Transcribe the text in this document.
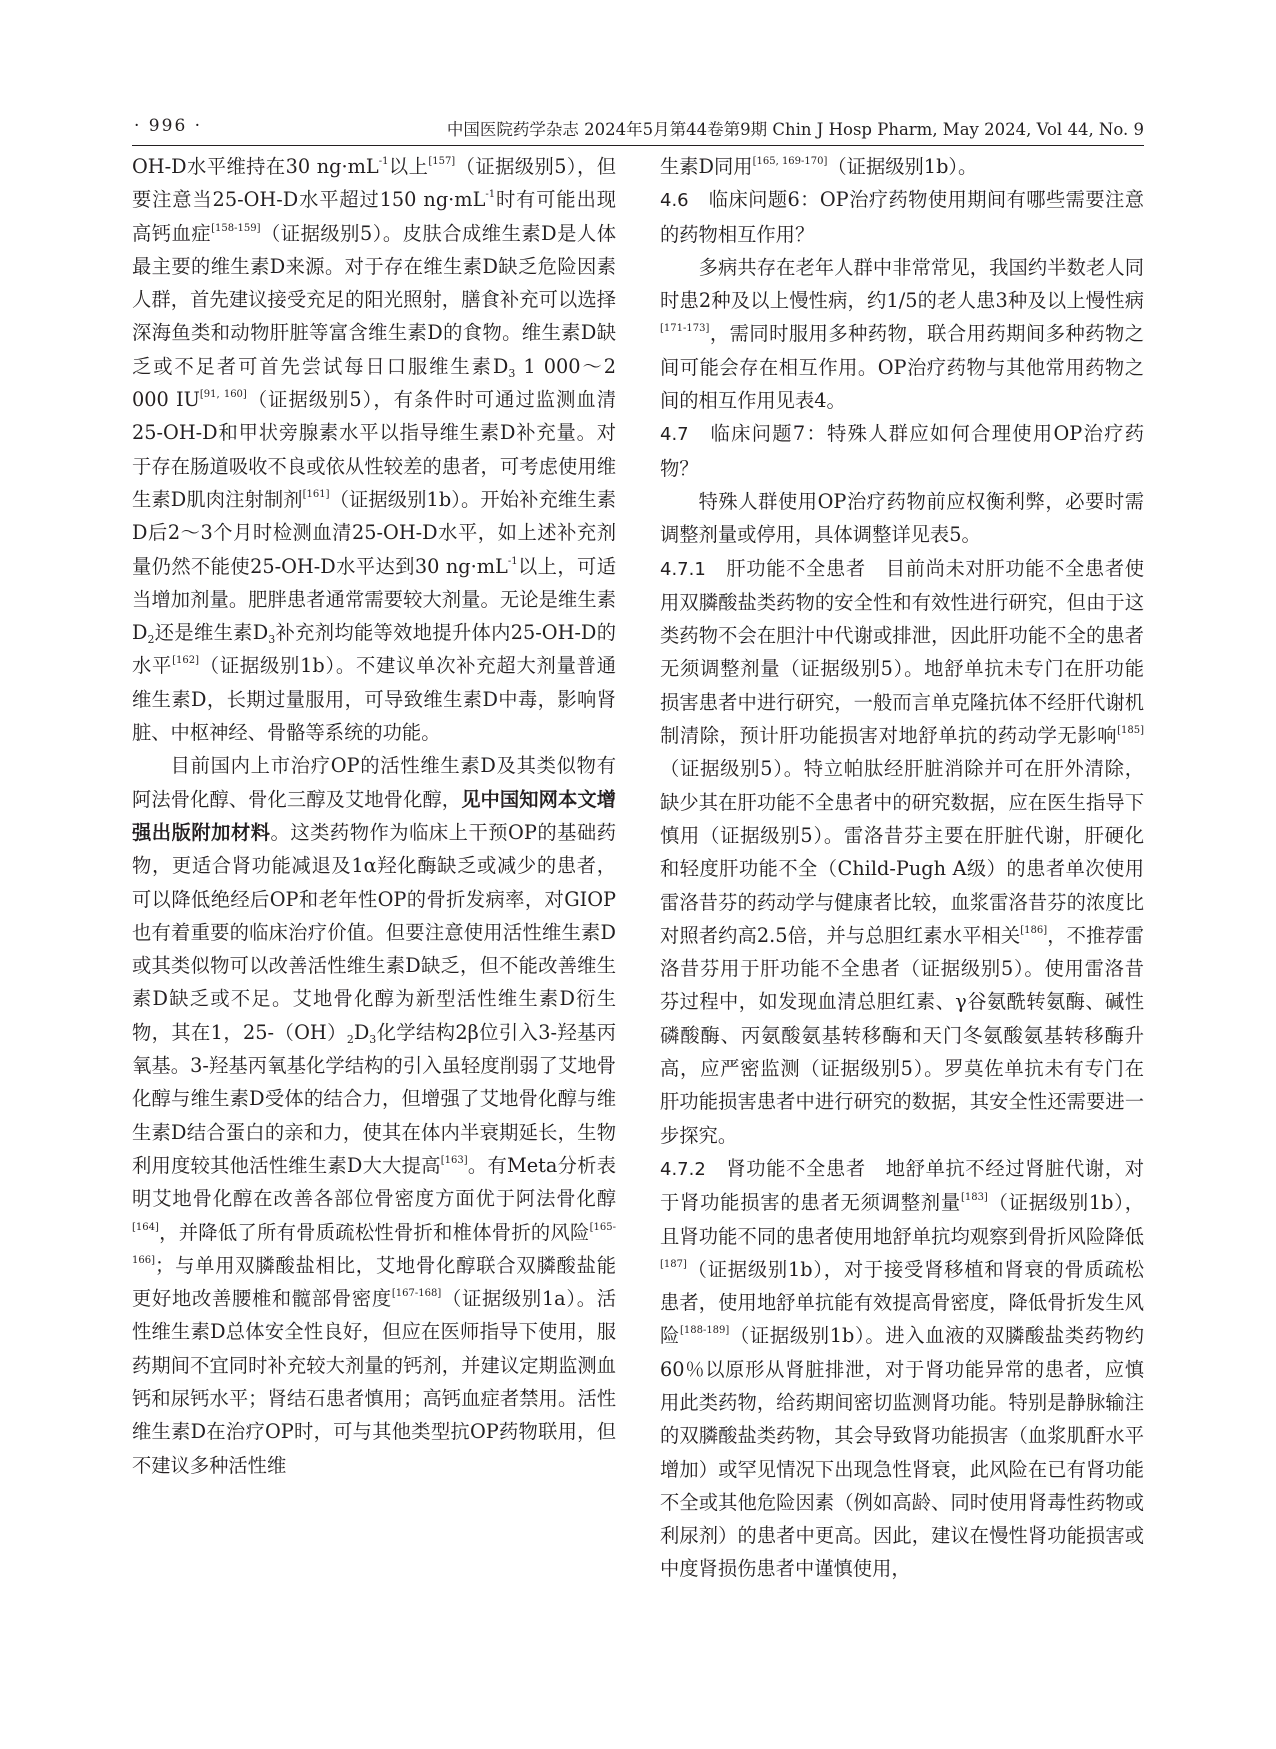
· 996 ·	中国医院药学杂志 2024年5月第44卷第9期 Chin J Hosp Pharm, May 2024, Vol 44, No. 9

OH-D水平维持在30 $ng\cdot mL^{-1}$以上[157]（证据级别5），但要注意当25-OH-D水平超过150 $ng\cdot mL^{-1}$时有可能出现高钙血症[158-159]（证据级别5）。皮肤合成维生素D是人体最主要的维生素D来源。对于存在维生素D缺乏危险因素人群，首先建议接受充足的阳光照射，膳食补充可以选择深海鱼类和动物肝脏等富含维生素D的食物。维生素D缺乏或不足者可首先尝试每日口服维生素$D_3$ 1 000～2 000 IU[91, 160]（证据级别5），有条件时可通过监测血清25-OH-D和甲状旁腺素水平以指导维生素D补充量。对于存在肠道吸收不良或依从性较差的患者，可考虑使用维生素D肌肉注射制剂[161]（证据级别1b）。开始补充维生素D后2～3个月时检测血清25-OH-D水平，如上述补充剂量仍然不能使25-OH-D水平达到30 $ng\cdot mL^{-1}$以上，可适当增加剂量。肥胖患者通常需要较大剂量。无论是维生素$D_2$还是维生素$D_3$补充剂均能等效地提升体内25-OH-D的水平[162]（证据级别1b）。不建议单次补充超大剂量普通维生素D，长期过量服用，可导致维生素D中毒，影响肾脏、中枢神经、骨骼等系统的功能。

目前国内上市治疗OP的活性维生素D及其类似物有阿法骨化醇、骨化三醇及艾地骨化醇，见中国知网本文增强出版附加材料。这类药物作为临床上干预OP的基础药物，更适合肾功能减退及1α羟化酶缺乏或减少的患者，可以降低绝经后OP和老年性OP的骨折发病率，对GIOP也有着重要的临床治疗价值。但要注意使用活性维生素D或其类似物可以改善活性维生素D缺乏，但不能改善维生素D缺乏或不足。艾地骨化醇为新型活性维生素D衍生物，其在1，$25-(OH)_2D_3$化学结构2β位引入3-羟基丙氧基。3-羟基丙氧基化学结构的引入虽轻度削弱了艾地骨化醇与维生素D受体的结合力，但增强了艾地骨化醇与维生素D结合蛋白的亲和力，使其在体内半衰期延长，生物利用度较其他活性维生素D大大提高[163]。有Meta分析表明艾地骨化醇在改善各部位骨密度方面优于阿法骨化醇[164]，并降低了所有骨质疏松性骨折和椎体骨折的风险[165-166]；与单用双膦酸盐相比，艾地骨化醇联合双膦酸盐能更好地改善腰椎和髋部骨密度[167-168]（证据级别1a）。活性维生素D总体安全性良好，但应在医师指导下使用，服药期间不宜同时补充较大剂量的钙剂，并建议定期监测血钙和尿钙水平；肾结石患者慎用；高钙血症者禁用。活性维生素D在治疗OP时，可与其他类型抗OP药物联用，但不建议多种活性维

生素D同用[165, 169-170]（证据级别1b）。

4.6　 临床问题6：OP治疗药物使用期间有哪些需要注意的药物相互作用？

多病共存在老年人群中非常常见，我国约半数老人同时患2种及以上慢性病，约1/5的老人患3种及以上慢性病[171-173]，需同时服用多种药物，联合用药期间多种药物之间可能会存在相互作用。OP治疗药物与其他常用药物之间的相互作用见表4。

4.7　 临床问题7：特殊人群应如何合理使用OP治疗药物？

特殊人群使用OP治疗药物前应权衡利弊，必要时需调整剂量或停用，具体调整详见表5。

4.7.1　 肝功能不全患者　 目前尚未对肝功能不全患者使用双膦酸盐类药物的安全性和有效性进行研究，但由于这类药物不会在胆汁中代谢或排泄，因此肝功能不全的患者无须调整剂量（证据级别5）。地舒单抗未专门在肝功能损害患者中进行研究，一般而言单克隆抗体不经肝代谢机制清除，预计肝功能损害对地舒单抗的药动学无影响[185]（证据级别5）。特立帕肽经肝脏消除并可在肝外清除，缺少其在肝功能不全患者中的研究数据，应在医生指导下慎用（证据级别5）。雷洛昔芬主要在肝脏代谢，肝硬化和轻度肝功能不全（Child-Pugh A级）的患者单次使用雷洛昔芬的药动学与健康者比较，血浆雷洛昔芬的浓度比对照者约高2.5倍，并与总胆红素水平相关[186]，不推荐雷洛昔芬用于肝功能不全患者（证据级别5）。使用雷洛昔芬过程中，如发现血清总胆红素、γ谷氨酰转氨酶、碱性磷酸酶、丙氨酸氨基转移酶和天门冬氨酸氨基转移酶升高，应严密监测（证据级别5）。罗莫佐单抗未有专门在肝功能损害患者中进行研究的数据，其安全性还需要进一步探究。

4.7.2　 肾功能不全患者　 地舒单抗不经过肾脏代谢，对于肾功能损害的患者无须调整剂量[183]（证据级别1b），且肾功能不同的患者使用地舒单抗均观察到骨折风险降低[187]（证据级别1b），对于接受肾移植和肾衰的骨质疏松患者，使用地舒单抗能有效提高骨密度，降低骨折发生风险[188-189]（证据级别1b）。进入血液的双膦酸盐类药物约60％以原形从肾脏排泄，对于肾功能异常的患者，应慎用此类药物，给药期间密切监测肾功能。特别是静脉输注的双膦酸盐类药物，其会导致肾功能损害（血浆肌酐水平增加）或罕见情况下出现急性肾衰，此风险在已有肾功能不全或其他危险因素（例如高龄、同时使用肾毒性药物或利尿剂）的患者中更高。因此，建议在慢性肾功能损害或中度肾损伤患者中谨慎使用，
